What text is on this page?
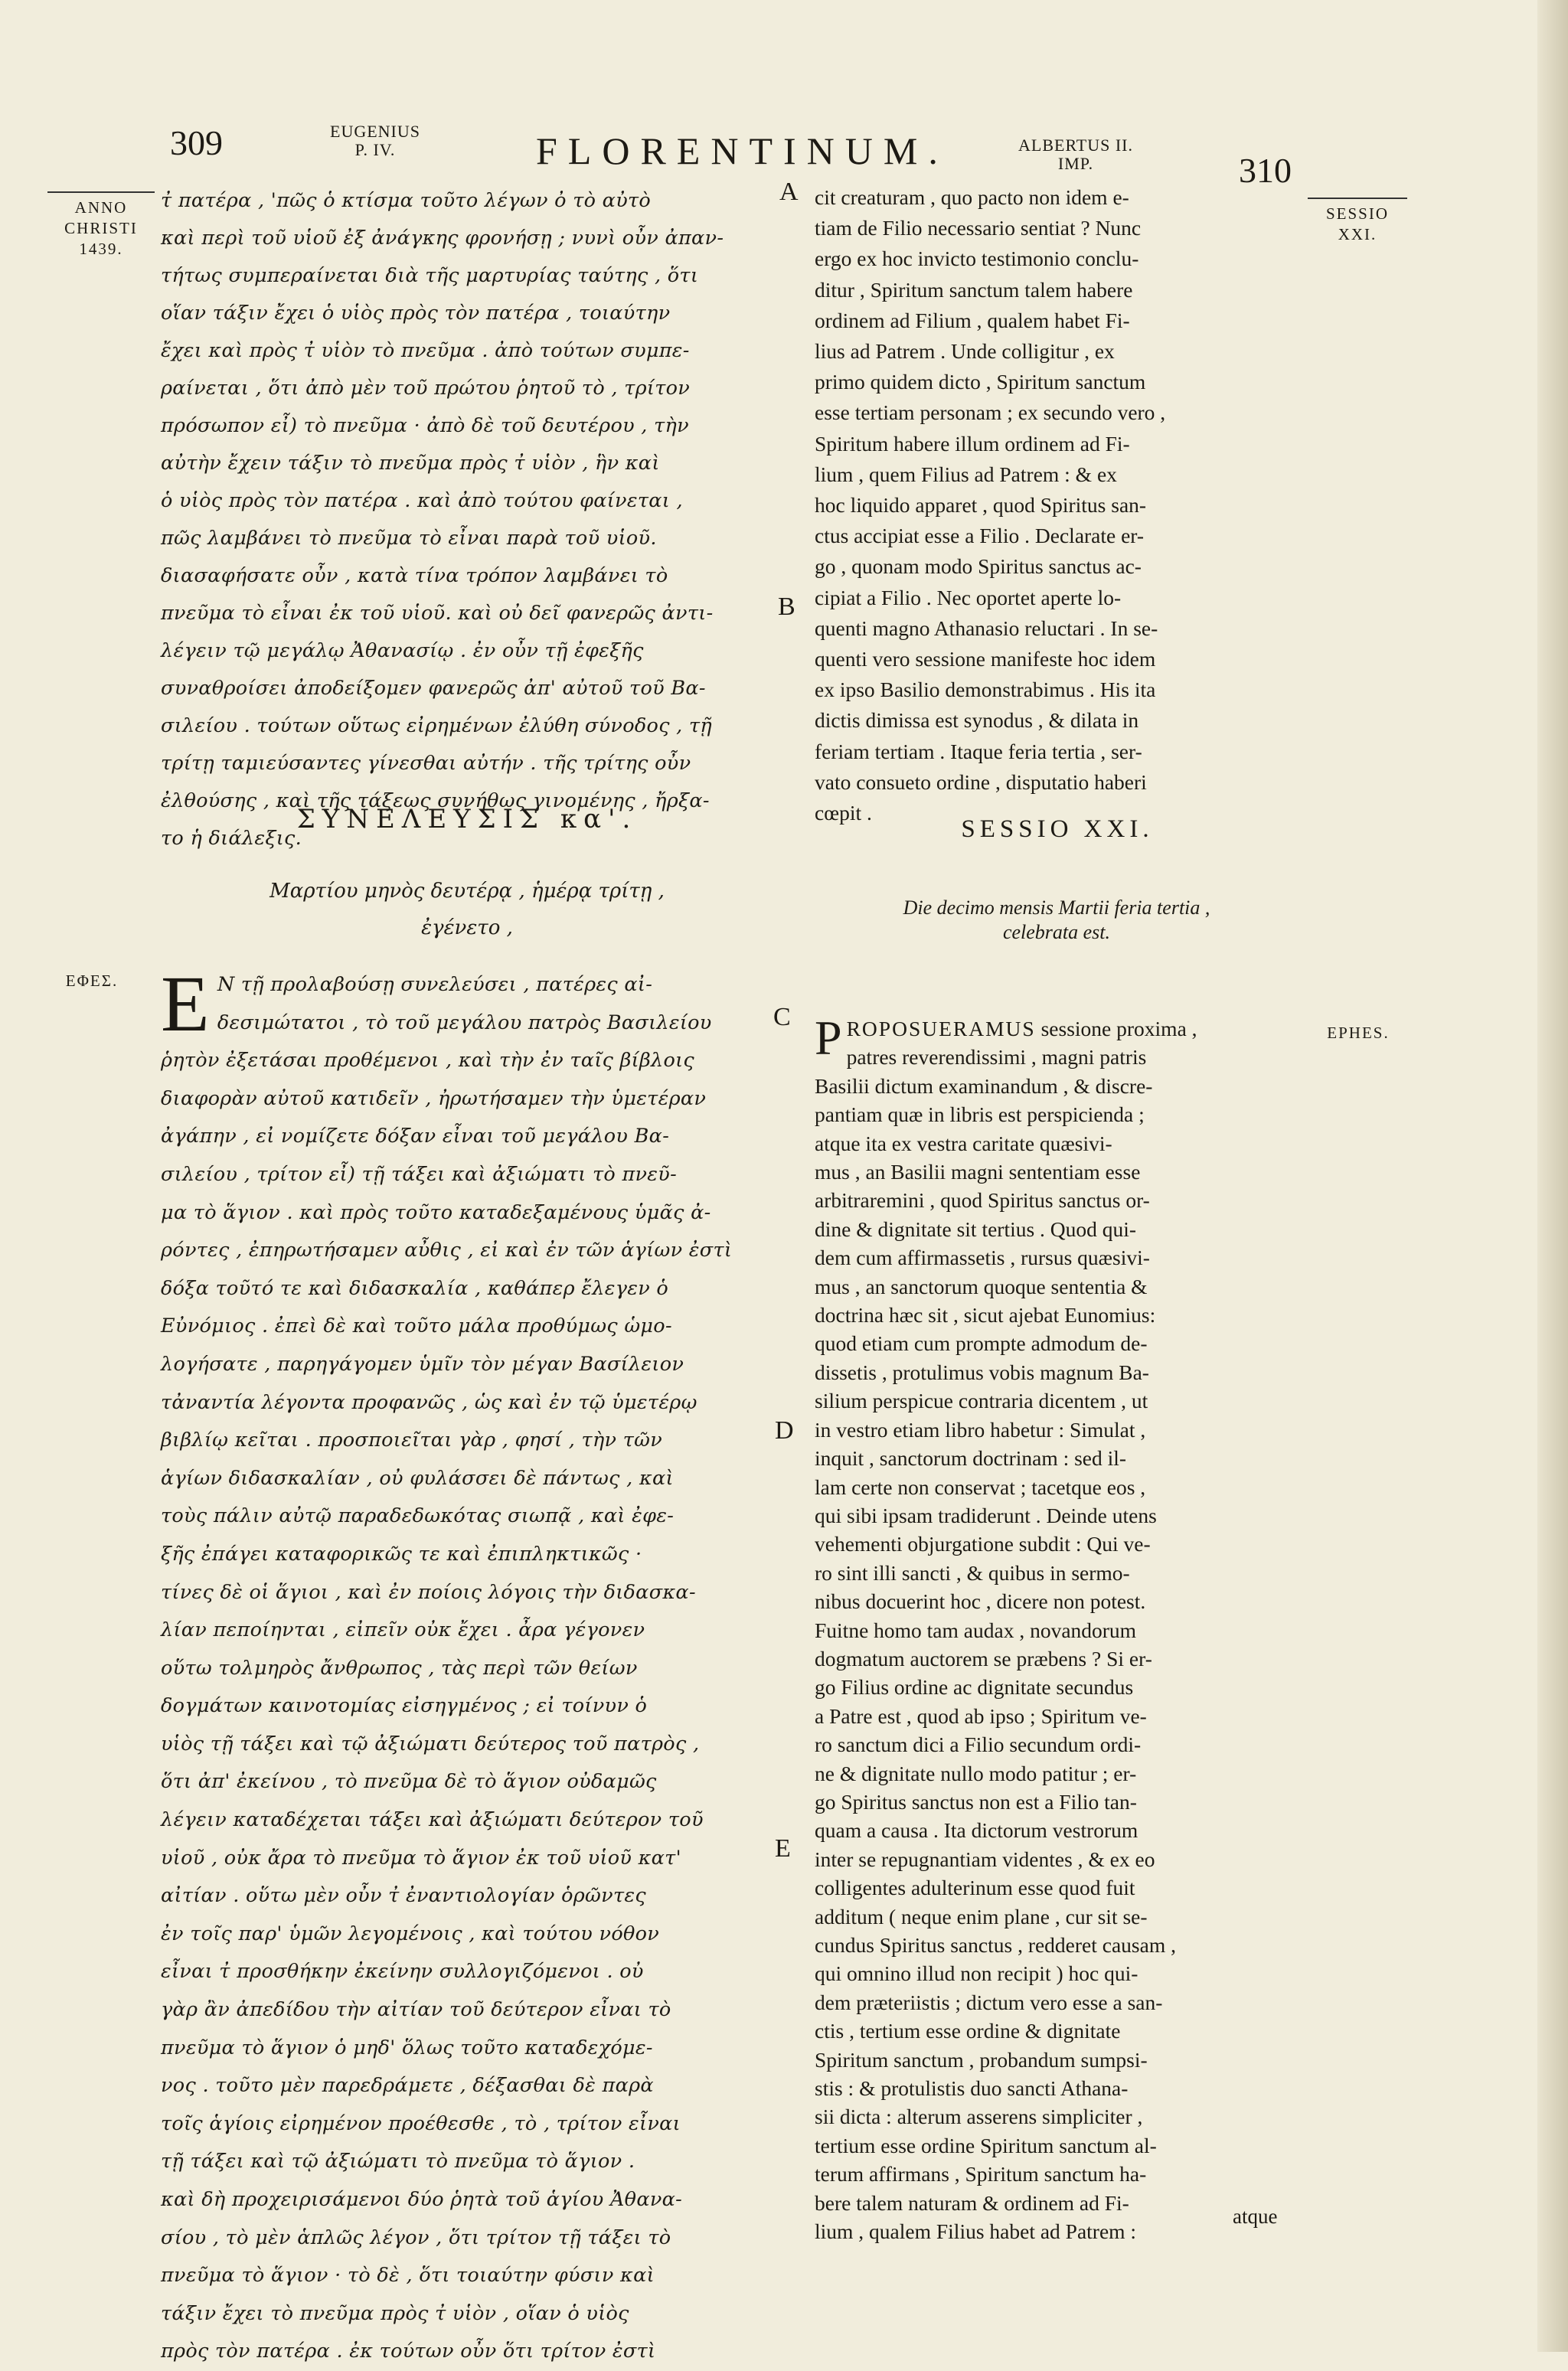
309	EUGENIUS
P. IV.	FLORENTINUM.	ALBERTUS II.
IMP.	310
ANNO
CHRISTI
1439.
SESSIO
XXI.
ΕΦΕΣ.
EPHES.
A
B
C
D
E
τ̓ πατέρα , 'πῶς ὁ κτίσμα τοῦτο λέγων ὀ τὸ αὐτὸ
καὶ περὶ τοῦ υἱοῦ ἐξ ἀνάγκης φρονήσῃ ; νυνὶ οὖν ἀπαν-
τήτως συμπεραίνεται διὰ τῆς μαρτυρίας ταύτης , ὅτι
οἵαν τάξιν ἔχει ὁ υἱὸς πρὸς τὸν πατέρα , τοιαύτην
ἔχει καὶ πρὸς τ̓ υἱὸν τὸ πνεῦμα . ἀπὸ τούτων συμπε-
ραίνεται , ὅτι ἀπὸ μὲν τοῦ πρώτου ῥητοῦ τὸ , τρίτον
πρόσωπον εἶ) τὸ πνεῦμα · ἀπὸ δὲ τοῦ δευτέρου , τὴν
αὐτὴν ἔχειν τάξιν τὸ πνεῦμα πρὸς τ̓ υἱὸν , ἣν καὶ
ὁ υἱὸς πρὸς τὸν πατέρα . καὶ ἀπὸ τούτου φαίνεται ,
πῶς λαμβάνει τὸ πνεῦμα τὸ εἶναι παρὰ τοῦ υἱοῦ.
διασαφήσατε οὖν , κατὰ τίνα τρόπον λαμβάνει τὸ
πνεῦμα τὸ εἶναι ἐκ τοῦ υἱοῦ. καὶ οὐ δεῖ φανερῶς ἀντι-
λέγειν τῷ μεγάλῳ Ἀθανασίῳ . ἐν οὖν τῇ ἐφεξῆς
συναθροίσει ἀποδείξομεν φανερῶς ἀπ' αὐτοῦ τοῦ Βα-
σιλείου . τούτων οὕτως εἰρημένων ἐλύθη σύνοδος , τῇ
τρίτῃ ταμιεύσαντες γίνεσθαι αὐτήν . τῆς τρίτης οὖν
ἐλθούσης , καὶ τῆς τάξεως συνήθως γινομένης , ἤρξα-
το ἡ διάλεξις.

ΣΥΝΕΛΕΥΣΙΣ κα'.
Μαρτίου μηνὸς δευτέρᾳ , ἡμέρᾳ τρίτῃ ,
ἐγένετο ,
Ε Ν τῇ προλαβούσῃ συνελεύσει , πατέρες αἰ-
δεσιμώτατοι , τὸ τοῦ μεγάλου πατρὸς Βασιλείου
ῥητὸν ἐξετάσαι προθέμενοι , καὶ τὴν ἐν ταῖς βίβλοις
διαφορὰν αὐτοῦ κατιδεῖν , ἠρωτήσαμεν τὴν ὑμετέραν
ἀγάπην , εἰ νομίζετε δόξαν εἶναι τοῦ μεγάλου Βα-
σιλείου , τρίτον εἶ) τῇ τάξει καὶ ἀξιώματι τὸ πνεῦ-
μα τὸ ἅγιον . καὶ πρὸς τοῦτο καταδεξαμένους ὑμᾶς ἀ-
ρόντες , ἐπηρωτήσαμεν αὖθις , εἰ καὶ ἐν τῶν ἁγίων ἐστὶ
δόξα τοῦτό τε καὶ διδασκαλία , καθάπερ ἔλεγεν ὁ
Εὐνόμιος . ἐπεὶ δὲ καὶ τοῦτο μάλα προθύμως ὡμο-
λογήσατε , παρηγάγομεν ὑμῖν τὸν μέγαν Βασίλειον
τἀναντία λέγοντα προφανῶς , ὡς καὶ ἐν τῷ ὑμετέρῳ
βιβλίῳ κεῖται . προσποιεῖται γὰρ , φησί , τὴν τῶν
ἁγίων διδασκαλίαν , οὐ φυλάσσει δὲ πάντως , καὶ
τοὺς πάλιν αὐτῷ παραδεδωκότας σιωπᾷ , καὶ ἐφε-
ξῆς ἐπάγει καταφορικῶς τε καὶ ἐπιπληκτικῶς ·
τίνες δὲ οἱ ἅγιοι , καὶ ἐν ποίοις λόγοις τὴν διδασκα-
λίαν πεποίηνται , εἰπεῖν οὐκ ἔχει . ἆρα γέγονεν
οὕτω τολμηρὸς ἄνθρωπος , τὰς περὶ τῶν θείων
δογμάτων καινοτομίας εἰσηγμένος ; εἰ τοίνυν ὁ
υἱὸς τῇ τάξει καὶ τῷ ἀξιώματι δεύτερος τοῦ πατρὸς ,
ὅτι ἀπ' ἐκείνου , τὸ πνεῦμα δὲ τὸ ἅγιον οὐδαμῶς
λέγειν καταδέχεται τάξει καὶ ἀξιώματι δεύτερον τοῦ
υἱοῦ , οὐκ ἄρα τὸ πνεῦμα τὸ ἅγιον ἐκ τοῦ υἱοῦ κατ'
αἰτίαν . οὕτω μὲν οὖν τ̓ ἐναντιολογίαν ὁρῶντες
ἐν τοῖς παρ' ὑμῶν λεγομένοις , καὶ τούτου νόθον
εἶναι τ̓ προσθήκην ἐκείνην συλλογιζόμενοι . οὐ
γὰρ ἂν ἀπεδίδου τὴν αἰτίαν τοῦ δεύτερον εἶναι τὸ
πνεῦμα τὸ ἅγιον ὁ μηδ' ὅλως τοῦτο καταδεχόμε-
νος . τοῦτο μὲν παρεδράμετε , δέξασθαι δὲ παρὰ
τοῖς ἁγίοις εἰρημένον προέθεσθε , τὸ , τρίτον εἶναι
τῇ τάξει καὶ τῷ ἀξιώματι τὸ πνεῦμα τὸ ἅγιον .
καὶ δὴ προχειρισάμενοι δύο ῥητὰ τοῦ ἁγίου Ἀθανα-
σίου , τὸ μὲν ἁπλῶς λέγον , ὅτι τρίτον τῇ τάξει τὸ
πνεῦμα τὸ ἅγιον · τὸ δὲ , ὅτι τοιαύτην φύσιν καὶ
τάξιν ἔχει τὸ πνεῦμα πρὸς τ̓ υἱὸν , οἵαν ὁ υἱὸς
πρὸς τὸν πατέρα . ἐκ τούτων οὖν ὅτι τρίτον ἐστὶ

cit creaturam , quo pacto non idem e-
tiam de Filio necessario sentiat ? Nunc
ergo ex hoc invicto testimonio conclu-
ditur , Spiritum sanctum talem habere
ordinem ad Filium , qualem habet Fi-
lius ad Patrem . Unde colligitur , ex
primo quidem dicto , Spiritum sanctum
esse tertiam personam ; ex secundo vero ,
Spiritum habere illum ordinem ad Fi-
lium , quem Filius ad Patrem : & ex
hoc liquido apparet , quod Spiritus san-
ctus accipiat esse a Filio . Declarate er-
go , quonam modo Spiritus sanctus ac-
cipiat a Filio . Nec oportet aperte lo-
quenti magno Athanasio reluctari . In se-
quenti vero sessione manifeste hoc idem
ex ipso Basilio demonstrabimus . His ita
dictis dimissa est synodus , & dilata in
feriam tertiam . Itaque feria tertia , ser-
vato consueto ordine , disputatio haberi
cœpit .

SESSIO XXI.
Die decimo mensis Martii feria tertia ,
celebrata est.
P ROPOSUERAMUS sessione proxima ,
patres reverendissimi , magni patris
Basilii dictum examinandum , & discre-
pantiam quæ in libris est perspicienda ;
atque ita ex vestra caritate quæsivi-
mus , an Basilii magni sententiam esse
arbitraremini , quod Spiritus sanctus or-
dine & dignitate sit tertius . Quod qui-
dem cum affirmassetis , rursus quæsivi-
mus , an sanctorum quoque sententia &
doctrina hæc sit , sicut ajebat Eunomius:
quod etiam cum prompte admodum de-
dissetis , protulimus vobis magnum Ba-
silium perspicue contraria dicentem , ut
in vestro etiam libro habetur : Simulat ,
inquit , sanctorum doctrinam : sed il-
lam certe non conservat ; tacetque eos ,
qui sibi ipsam tradiderunt . Deinde utens
vehementi objurgatione subdit : Qui ve-
ro sint illi sancti , & quibus in sermo-
nibus docuerint hoc , dicere non potest.
Fuitne homo tam audax , novandorum
dogmatum auctorem se præbens ? Si er-
go Filius ordine ac dignitate secundus
a Patre est , quod ab ipso ; Spiritum ve-
ro sanctum dici a Filio secundum ordi-
ne & dignitate nullo modo patitur ; er-
go Spiritus sanctus non est a Filio tan-
quam a causa . Ita dictorum vestrorum
inter se repugnantiam videntes , & ex eo
colligentes adulterinum esse quod fuit
additum ( neque enim plane , cur sit se-
cundus Spiritus sanctus , redderet causam ,
qui omnino illud non recipit ) hoc qui-
dem præteriistis ; dictum vero esse a san-
ctis , tertium esse ordine & dignitate
Spiritum sanctum , probandum sumpsi-
stis : & protulistis duo sancti Athana-
sii dicta : alterum asserens simpliciter ,
tertium esse ordine Spiritum sanctum al-
terum affirmans , Spiritum sanctum ha-
bere talem naturam & ordinem ad Fi-
lium , qualem Filius habet ad Patrem :

atque
